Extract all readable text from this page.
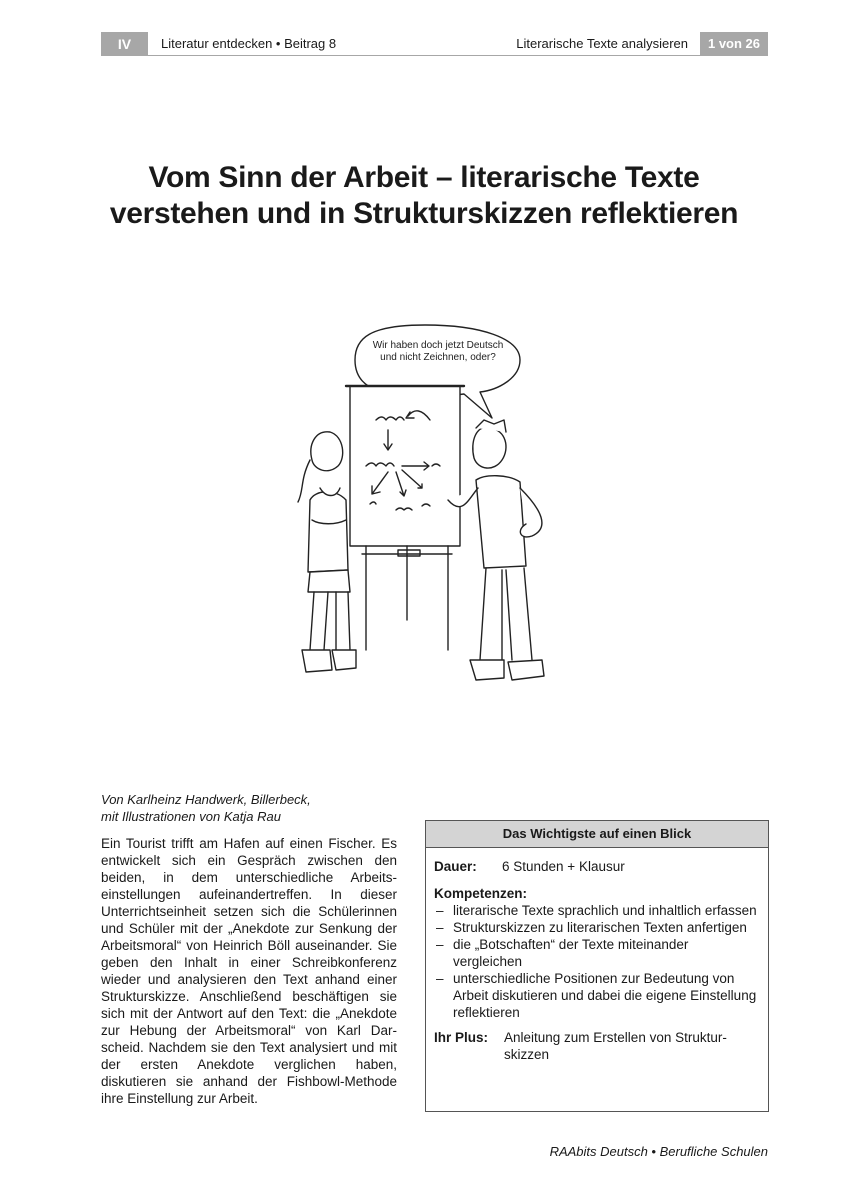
IV	Literatur entdecken • Beitrag 8	Literarische Texte analysieren	1 von 26
Vom Sinn der Arbeit – literarische Texte
verstehen und in Strukturskizzen reflektieren
Wir haben doch jetzt Deutsch
und nicht Zeichnen, oder?
Von Karlheinz Handwerk, Billerbeck,
mit Illustrationen von Katja Rau

Ein Tourist trifft am Hafen auf einen Fischer. Es entwickelt sich ein Gespräch zwischen den beiden, in dem unterschiedliche Arbeitseinstellungen aufeinandertreffen. In dieser Unterrichtseinheit setzen sich die Schülerinnen und Schüler mit der „Anekdote zur Senkung der Arbeitsmoral“ von Heinrich Böll auseinander. Sie geben den Inhalt in einer Schreibkonferenz wieder und analysieren den Text anhand einer Strukturskizze. Anschließend beschäftigen sie sich mit der Antwort auf den Text: die „Anekdote zur Hebung der Arbeitsmoral“ von Karl Darscheid. Nachdem sie den Text analysiert und mit der ersten Anekdote verglichen haben, diskutieren sie anhand der Fishbowl-Methode ihre Einstellung zur Arbeit.

Das Wichtigste auf einen Blick
Dauer:	6 Stunden + Klausur
Kompetenzen:
– literarische Texte sprachlich und inhaltlich erfassen
– Strukturskizzen zu literarischen Texten anfertigen
– die „Botschaften“ der Texte miteinander vergleichen
– unterschiedliche Positionen zur Bedeutung von Arbeit diskutieren und dabei die eigene Einstellung reflektieren
Ihr Plus:	Anleitung zum Erstellen von Strukturskizzen
RAAbits Deutsch • Berufliche Schulen
